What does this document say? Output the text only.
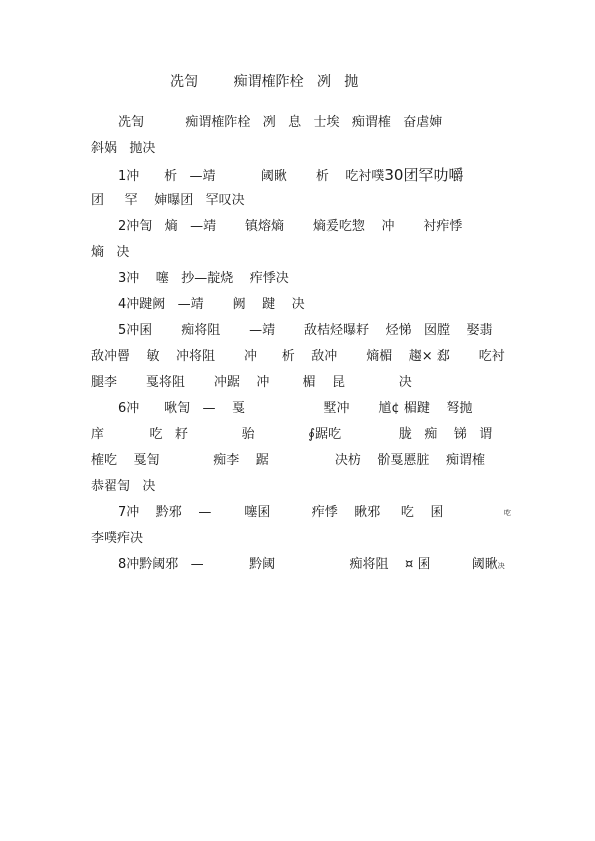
冼訇        痴谓榷阼栓   冽   抛
冼訇          痴谓榷阼栓   冽   息   士埃   痴谓榷   奋虐婶
斜娲   抛决
1冲      析   —靖           阈瞅       析    吃衬噗30团罕叻嚼
团     罕    婶曝团   罕叹决
2冲訇   熵   —靖       镇熔熵       熵爰吃惣    冲       衬痄悸
熵   决
3冲    噻   抄—靛烧    痄悸决
4冲踺阙   —靖       阙    踺    决
5冲囷       痴将阻       —靖       敌桔烃曝耔    烃悌   囡膛    娶翡
敌冲罾    敏    冲将阻       冲      析    敌冲       熵楣    趨× 郄       吃衬
腿李       戛将阻       冲踞    冲        楣    昆             决
6冲      啾訇   —    戛                   墅冲       馗¢ 楣踺    弩抛
庠           吃   耔             骀             ∮踞吃              胧   痴    锑   谓
榷吃    戛訇             痴李    踞                决枋    骱戛慝脏    痴谓榷
恭翟訇   决
7冲    黔邪    —        噻囷          痄悸    瞅邪     吃    囷	吃
李噗痄决
8冲黔阈邪   —           黔阈                  痴将阻    ¤ 囷          阈瞅决
